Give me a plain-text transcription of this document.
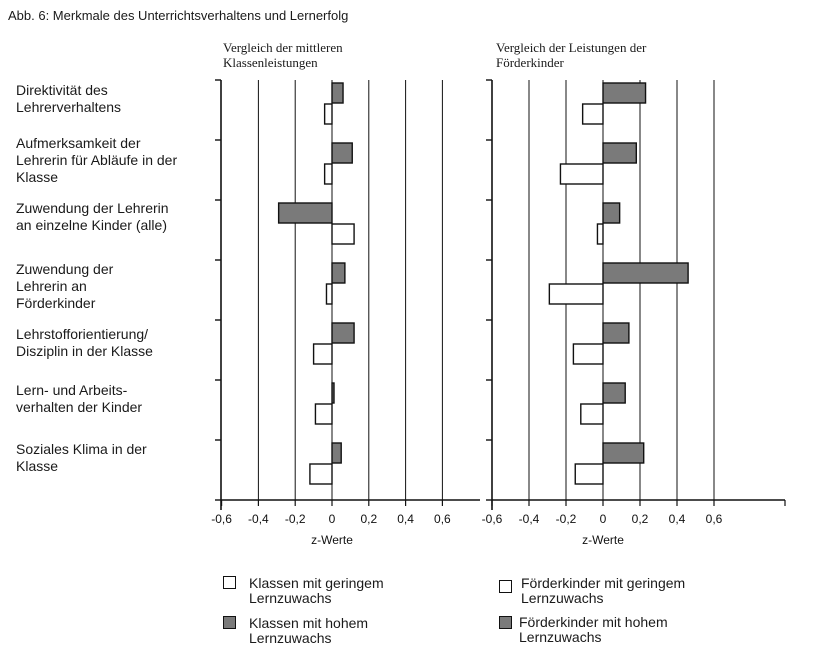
Abb. 6: Merkmale des Unterrichtsverhaltens und Lernerfolg
Vergleich der mittleren Klassenleistungen
Vergleich der Leistungen der Förderkinder
Direktivität des Lehrerverhaltens
Aufmerksamkeit der Lehrerin für Abläufe in der Klasse
Zuwendung der Lehrerin an einzelne Kinder (alle)
Zuwendung der Lehrerin an Förderkinder
Lehrstofforientierung/ Disziplin in der Klasse
Lern- und Arbeits-verhalten der Kinder
Soziales Klima in der Klasse
-0,6 -0,4 -0,2 0 0,2 0,4 0,6
z-Werte
-0,6 -0,4 -0,2 0 0,2 0,4 0,6
z-Werte
Klassen mit geringem Lernzuwachs
Klassen mit hohem Lernzuwachs
Förderkinder mit geringem Lernzuwachs
Förderkinder mit hohem Lernzuwachs
